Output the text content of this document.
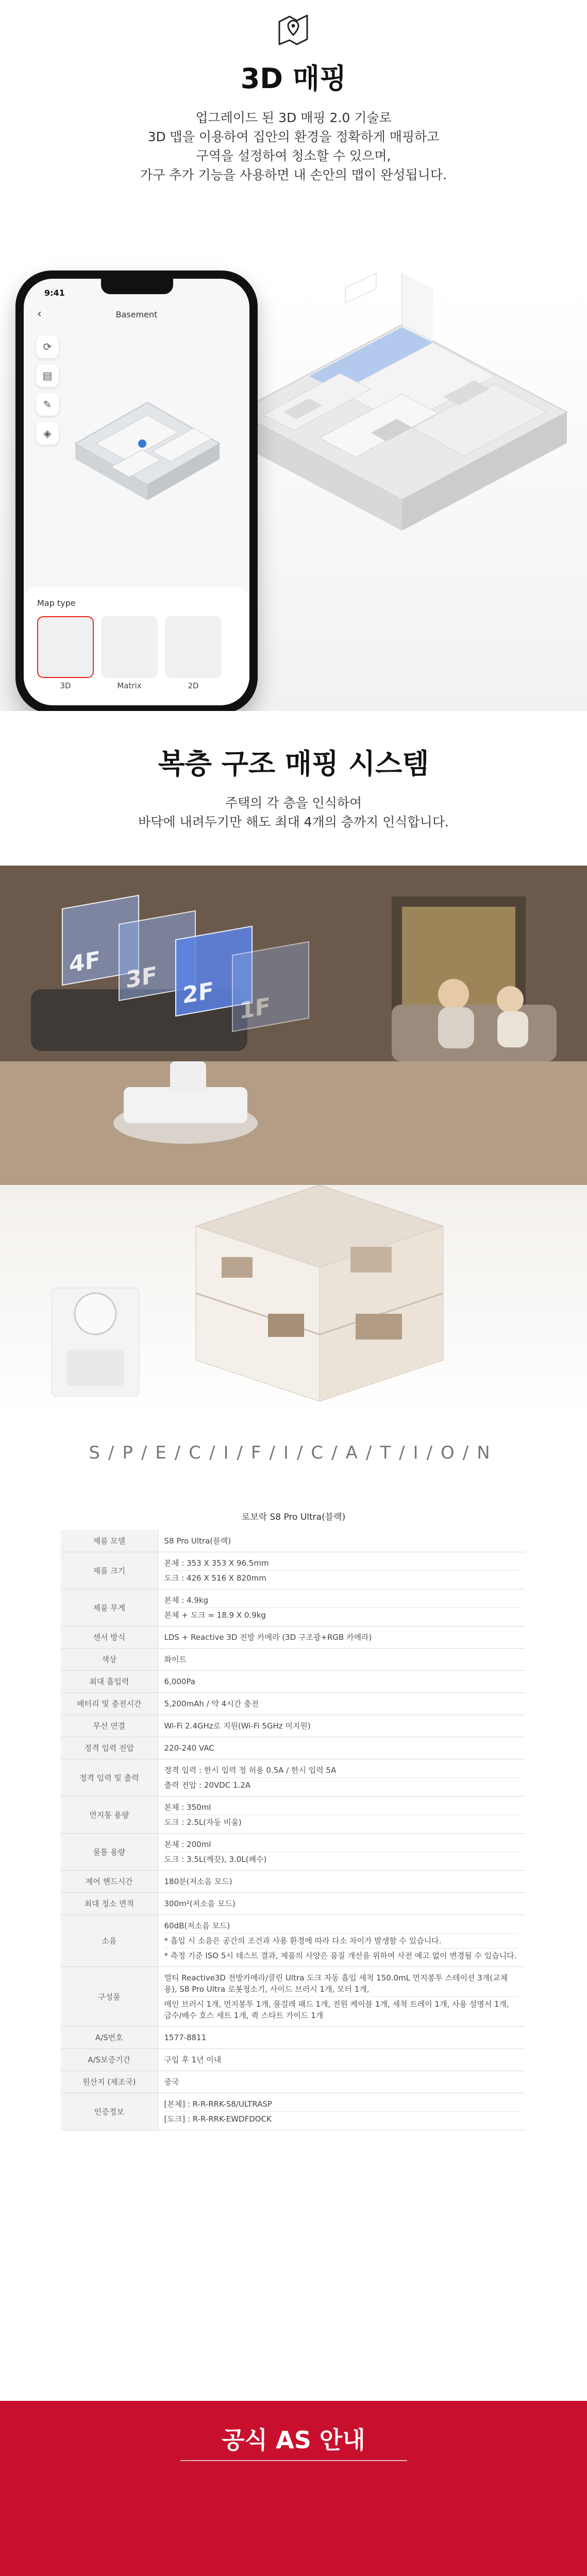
3D 매핑
업그레이드 된 3D 매핑 2.0 기술로
3D 맵을 이용하여 집안의 환경을 정확하게 매핑하고
구역을 설정하여 청소할 수 있으며,
가구 추가 기능을 사용하면 내 손안의 맵이 완성됩니다.
9:41
‹	Basement
⟳
▤
✎
◈
Map type
3D	Matrix	2D
복층 구조 매핑 시스템
주택의 각 층을 인식하여
바닥에 내려두기만 해도 최대 4개의 층까지 인식합니다.
4F 3F 2F 1F
S/P/E/C/I/F/I/C/A/T/I/O/N
로보락 S8 Pro Ultra(블랙)
제품 모델	S8 Pro Ultra(블랙)

제품 크기	본체 : 353 X 353 X 96.5mm
도크 : 426 X 516 X 820mm

제품 무게	본체 : 4.9kg
본체 + 도크 = 18.9 X 0.9kg

센서 방식	LDS + Reactive 3D 전방 카메라 (3D 구조광+RGB 카메라)

색상	화이트

최대 흡입력	6,000Pa

배터리 및 충전시간	5,200mAh / 약 4시간 충전

무선 연결	Wi-Fi 2.4GHz로 지원(Wi-Fi 5GHz 미지원)

정격 입력 전압	220-240 VAC

정격 입력 및 출력	정격 입력 : 한시 입력 정 허용 0.5A / 한시 입력 5A
출력 전압 : 20VDC 1.2A

먼지통 용량	본체 : 350ml
도크 : 2.5L(자동 비움)

물통 용량	본체 : 200ml
도크 : 3.5L(깨끗), 3.0L(폐수)

제어 핸드시간	180분(저소음 모드)

최대 청소 면적	300m²(저소음 모드)

소음	60dB(저소음 모드)
* 흡입 시 소음은 공간의 조건과 사용 환경에 따라 다소 차이가 발생할 수 있습니다.
* 측정 기준 ISO 5시 테스트 결과, 제품의 사양은 품질 개선을 위하여 사전 예고 없이 변경될 수 있습니다.

구성품	멀티 Reactive3D 전방카메라/클린 Ultra 도크 자동 흡입 세척 150.0mL 먼지봉투 스테이션 3개(교체용), S8 Pro Ultra 로봇청소기, 사이드 브러시 1개, 모터 1개,
메인 브러시 1개, 먼지봉투 1개, 물걸레 패드 1개, 전원 케이블 1개, 세척 트레이 1개, 사용 설명서 1개, 급수/배수 호스 세트 1개, 퀵 스타트 가이드 1개

A/S번호	1577-8811

A/S보증기간	구입 후 1년 이내

원산지 (제조국)	중국

인증정보	[본체] : R-R-RRK-S8/ULTRASP
[도크] : R-R-RRK-EWDFDOCK
공식 AS 안내
